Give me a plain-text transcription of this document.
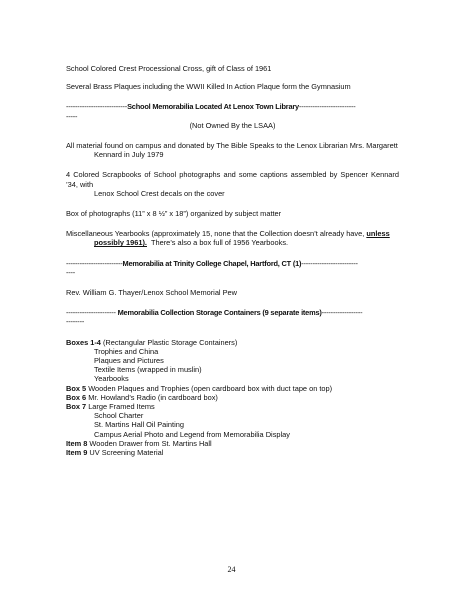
School Colored Crest Processional Cross, gift of Class of 1961

Several Brass Plaques including the WWII Killed In Action Plaque form the Gymnasium

---------------------------School Memorabilia Located At Lenox Town Library-------------------------

-----

(Not Owned By the LSAA)

All material found on campus and donated by The Bible Speaks to the Lenox Librarian Mrs. Margarett

Kennard in July 1979

4 Colored Scrapbooks of School photographs and some captions assembled by Spencer Kennard ’34, with

Lenox School Crest decals on the cover

Box of photographs (11” x 8 ½” x 18”) organized by subject matter

Miscellaneous Yearbooks (approximately 15, none that the Collection doesn’t already have, unless

possibly 1961). There’s also a box full of 1956 Yearbooks.

-------------------------Memorabilia at Trinity College Chapel, Hartford, CT (1)-------------------------

----

Rev. William G. Thayer/Lenox School Memorial Pew

---------------------- Memorabilia Collection Storage Containers (9 separate items)------------------

--------

Boxes 1-4 (Rectangular Plastic Storage Containers)

Trophies and China

Plaques and Pictures

Textile Items (wrapped in muslin)

Yearbooks

Box 5 Wooden Plaques and Trophies (open cardboard box with duct tape on top)

Box 6 Mr. Howland’s Radio (in cardboard box)

Box 7 Large Framed Items

School Charter

St. Martins Hall Oil Painting

Campus Aerial Photo and Legend from Memorabilia Display

Item 8 Wooden Drawer from St. Martins Hall

Item 9 UV Screening Material

24
